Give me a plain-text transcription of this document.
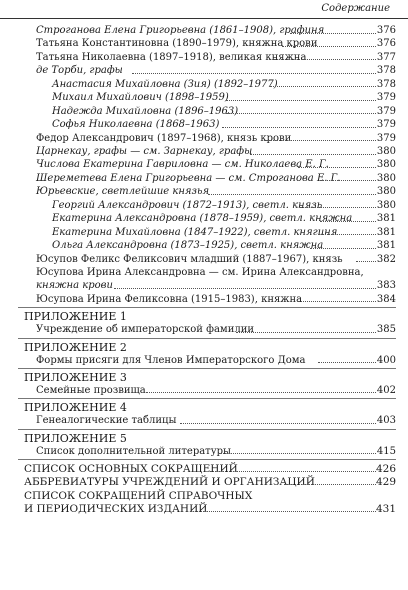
Содержание
Строганова Елена Григорьевна (1861–1908), графиня	376
Татьяна Константиновна (1890–1979), княжна крови	376
Татьяна Николаевна (1897–1918), великая княжна	377
де Торби, графы	378
Анастасия Михайловна (Зия) (1892–1977)	378
Михаил Михайлович (1898–1959)	379
Надежда Михайловна (1896–1963)	379
Софья Николаевна (1868–1963)	379
Федор Александрович (1897–1968), князь крови	379
Царнекау, графы — см. Зарнекау, графы	380
Числова Екатерина Гавриловна — см. Николаева Е. Г.	380
Шереметева Елена Григорьевна — см. Строганова Е. Г.	380
Юрьевские, светлейшие князья	380
Георгий Александрович (1872–1913), светл. князь	380
Екатерина Александровна (1878–1959), светл. княжна 381
Екатерина Михайловна (1847–1922), светл. княгиня	381
Ольга Александровна (1873–1925), светл. княжна	381
Юсупов Феликс Феликсович младший (1887–1967), князь	382
Юсупова Ирина Александровна — см. Ирина Александровна,
княжна крови	383
Юсупова Ирина Феликсовна (1915–1983), княжна	384
ПРИЛОЖЕНИЕ 1
Учреждение об императорской фамилии	385
ПРИЛОЖЕНИЕ 2
Формы присяги для Членов Императорского Дома	400
ПРИЛОЖЕНИЕ 3
Семейные прозвища	402
ПРИЛОЖЕНИЕ 4
Генеалогические таблицы	403
ПРИЛОЖЕНИЕ 5
Список дополнительной литературы	415
СПИСОК ОСНОВНЫХ СОКРАЩЕНИЙ	426
АББРЕВИАТУРЫ УЧРЕЖДЕНИЙ И ОРГАНИЗАЦИЙ	429
СПИСОК СОКРАЩЕНИЙ СПРАВОЧНЫХ
И ПЕРИОДИЧЕСКИХ ИЗДАНИЙ	431
